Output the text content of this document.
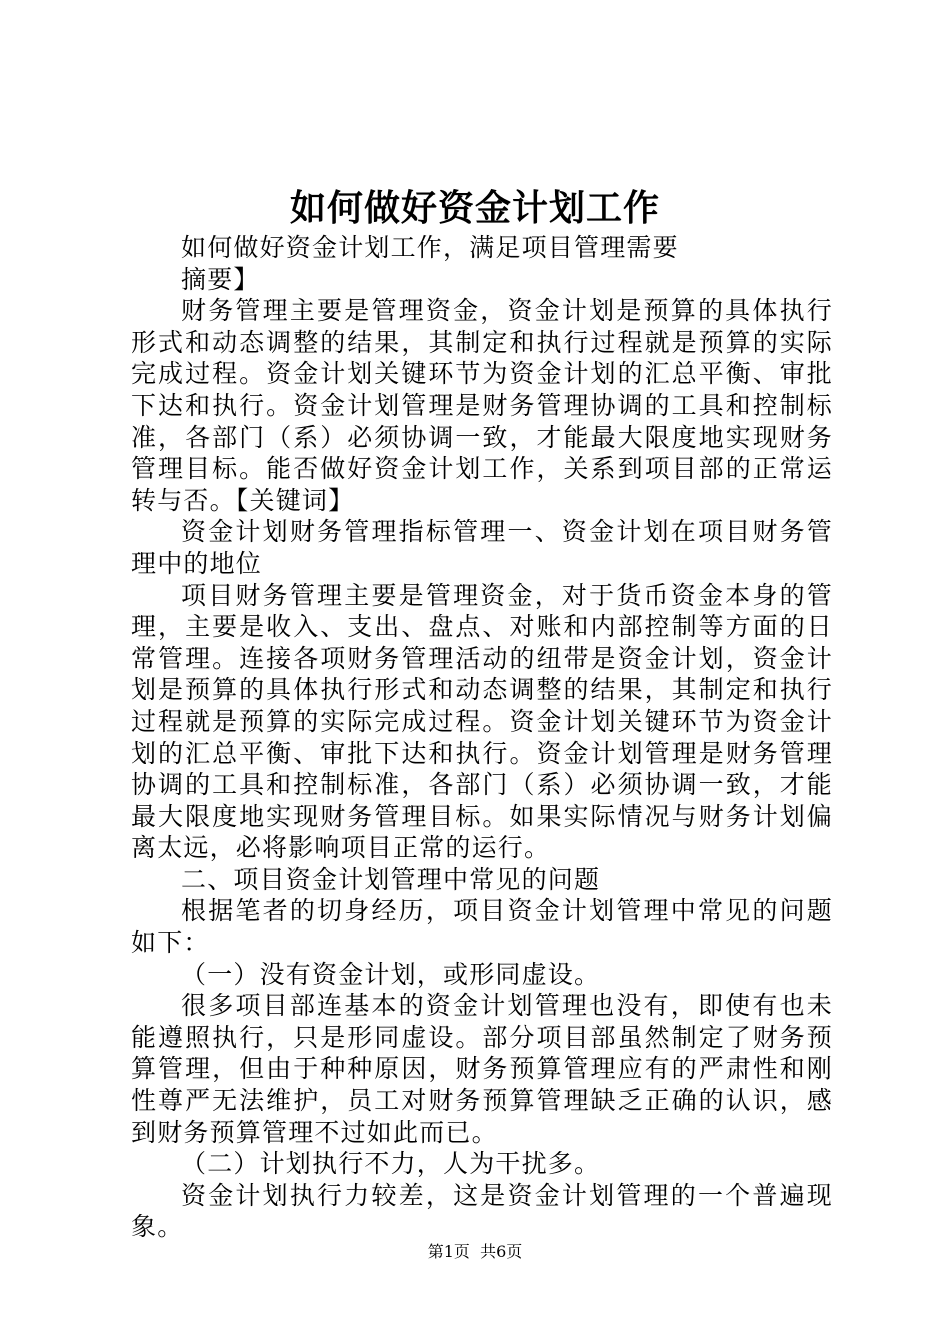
如何做好资金计划工作

如何做好资金计划工作，满足项目管理需要

摘要】

财务管理主要是管理资金，资金计划是预算的具体执行形式和动态调整的结果，其制定和执行过程就是预算的实际完成过程。资金计划关键环节为资金计划的汇总平衡、审批下达和执行。资金计划管理是财务管理协调的工具和控制标准，各部门（系）必须协调一致，才能最大限度地实现财务管理目标。能否做好资金计划工作，关系到项目部的正常运转与否。【关键词】

资金计划财务管理指标管理一、资金计划在项目财务管理中的地位

项目财务管理主要是管理资金，对于货币资金本身的管理，主要是收入、支出、盘点、对账和内部控制等方面的日常管理。连接各项财务管理活动的纽带是资金计划，资金计划是预算的具体执行形式和动态调整的结果，其制定和执行过程就是预算的实际完成过程。资金计划关键环节为资金计划的汇总平衡、审批下达和执行。资金计划管理是财务管理协调的工具和控制标准，各部门（系）必须协调一致，才能最大限度地实现财务管理目标。如果实际情况与财务计划偏离太远，必将影响项目正常的运行。

二、项目资金计划管理中常见的问题

根据笔者的切身经历，项目资金计划管理中常见的问题如下：

（一）没有资金计划，或形同虚设。

很多项目部连基本的资金计划管理也没有，即使有也未能遵照执行，只是形同虚设。部分项目部虽然制定了财务预算管理，但由于种种原因，财务预算管理应有的严肃性和刚性尊严无法维护，员工对财务预算管理缺乏正确的认识，感到财务预算管理不过如此而已。

（二）计划执行不力，人为干扰多。

资金计划执行力较差，这是资金计划管理的一个普遍现象。

第1页 共6页
